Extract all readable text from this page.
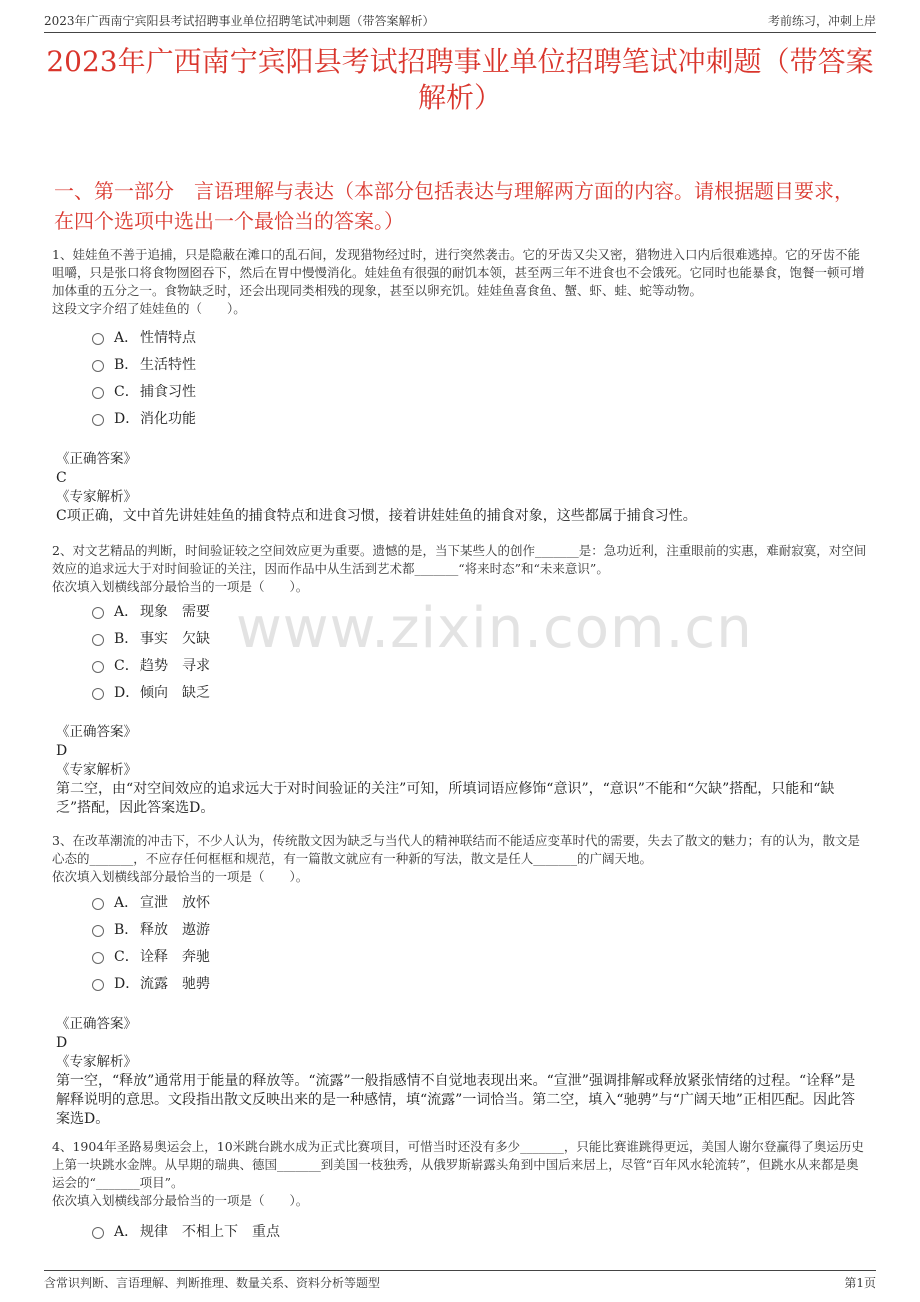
2023年广西南宁宾阳县考试招聘事业单位招聘笔试冲刺题（带答案解析）	考前练习，冲刺上岸
2023年广西南宁宾阳县考试招聘事业单位招聘笔试冲刺题（带答案解析）
一、第一部分　言语理解与表达（本部分包括表达与理解两方面的内容。请根据题目要求，在四个选项中选出一个最恰当的答案。）
www.zixin.com.cn

1、娃娃鱼不善于追捕，只是隐蔽在滩口的乱石间，发现猎物经过时，进行突然袭击。它的牙齿又尖又密，猎物进入口内后很难逃掉。它的牙齿不能咀嚼，只是张口将食物囫囵吞下，然后在胃中慢慢消化。娃娃鱼有很强的耐饥本领，甚至两三年不进食也不会饿死。它同时也能暴食，饱餐一顿可增加体重的五分之一。食物缺乏时，还会出现同类相残的现象，甚至以卵充饥。娃娃鱼喜食鱼、蟹、虾、蛙、蛇等动物。

这段文字介绍了娃娃鱼的（　　）。

A． 性情特点
B． 生活特性
C． 捕食习性
D． 消化功能

《正确答案》

C

《专家解析》

C项正确，文中首先讲娃娃鱼的捕食特点和进食习惯，接着讲娃娃鱼的捕食对象，这些都属于捕食习性。

2、对文艺精品的判断，时间验证较之空间效应更为重要。遗憾的是，当下某些人的创作_______是：急功近利，注重眼前的实惠，难耐寂寞，对空间效应的追求远大于对时间验证的关注，因而作品中从生活到艺术都_______“将来时态”和“未来意识”。

依次填入划横线部分最恰当的一项是（　　）。

A． 现象　需要
B． 事实　欠缺
C． 趋势　寻求
D． 倾向　缺乏

《正确答案》

D

《专家解析》

第二空，由“对空间效应的追求远大于对时间验证的关注”可知，所填词语应修饰“意识”，“意识”不能和“欠缺”搭配，只能和“缺乏”搭配，因此答案选D。

3、在改革潮流的冲击下，不少人认为，传统散文因为缺乏与当代人的精神联结而不能适应变革时代的需要，失去了散文的魅力；有的认为，散文是心态的_______，不应存任何框框和规范，有一篇散文就应有一种新的写法，散文是任人_______的广阔天地。

依次填入划横线部分最恰当的一项是（　　）。

A． 宣泄　放怀
B． 释放　遨游
C． 诠释　奔驰
D． 流露　驰骋

《正确答案》

D

《专家解析》

第一空，“释放”通常用于能量的释放等。“流露”一般指感情不自觉地表现出来。“宣泄”强调排解或释放紧张情绪的过程。“诠释”是解释说明的意思。文段指出散文反映出来的是一种感情，填“流露”一词恰当。第二空，填入“驰骋”与“广阔天地”正相匹配。因此答案选D。

4、1904年圣路易奥运会上，10米跳台跳水成为正式比赛项目，可惜当时还没有多少_______，只能比赛谁跳得更远，美国人谢尔登赢得了奥运历史上第一块跳水金牌。从早期的瑞典、德国_______到美国一枝独秀，从俄罗斯崭露头角到中国后来居上，尽管“百年风水轮流转”，但跳水从来都是奥运会的“_______项目”。

依次填入划横线部分最恰当的一项是（　　）。

A． 规律　不相上下　重点
含常识判断、言语理解、判断推理、数量关系、资料分析等题型	第1页
